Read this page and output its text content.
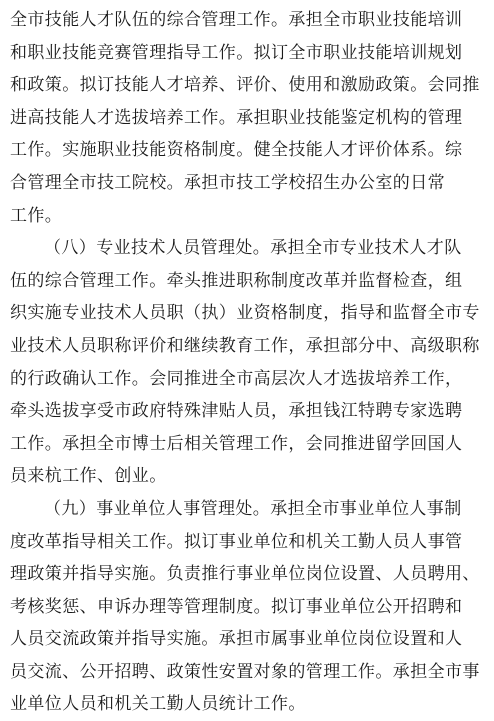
全市技能人才队伍的综合管理工作。承担全市职业技能培训
和职业技能竞赛管理指导工作。拟订全市职业技能培训规划
和政策。拟订技能人才培养、评价、使用和激励政策。会同推
进高技能人才选拔培养工作。承担职业技能鉴定机构的管理
工作。实施职业技能资格制度。健全技能人才评价体系。综
合管理全市技工院校。承担市技工学校招生办公室的日常
工作。
（八）专业技术人员管理处。承担全市专业技术人才队
伍的综合管理工作。牵头推进职称制度改革并监督检查，组
织实施专业技术人员职（执）业资格制度，指导和监督全市专
业技术人员职称评价和继续教育工作，承担部分中、高级职称
的行政确认工作。会同推进全市高层次人才选拔培养工作，
牵头选拔享受市政府特殊津贴人员，承担钱江特聘专家选聘
工作。承担全市博士后相关管理工作，会同推进留学回国人
员来杭工作、创业。
（九）事业单位人事管理处。承担全市事业单位人事制
度改革指导相关工作。拟订事业单位和机关工勤人员人事管
理政策并指导实施。负责推行事业单位岗位设置、人员聘用、
考核奖惩、申诉办理等管理制度。拟订事业单位公开招聘和
人员交流政策并指导实施。承担市属事业单位岗位设置和人
员交流、公开招聘、政策性安置对象的管理工作。承担全市事
业单位人员和机关工勤人员统计工作。
